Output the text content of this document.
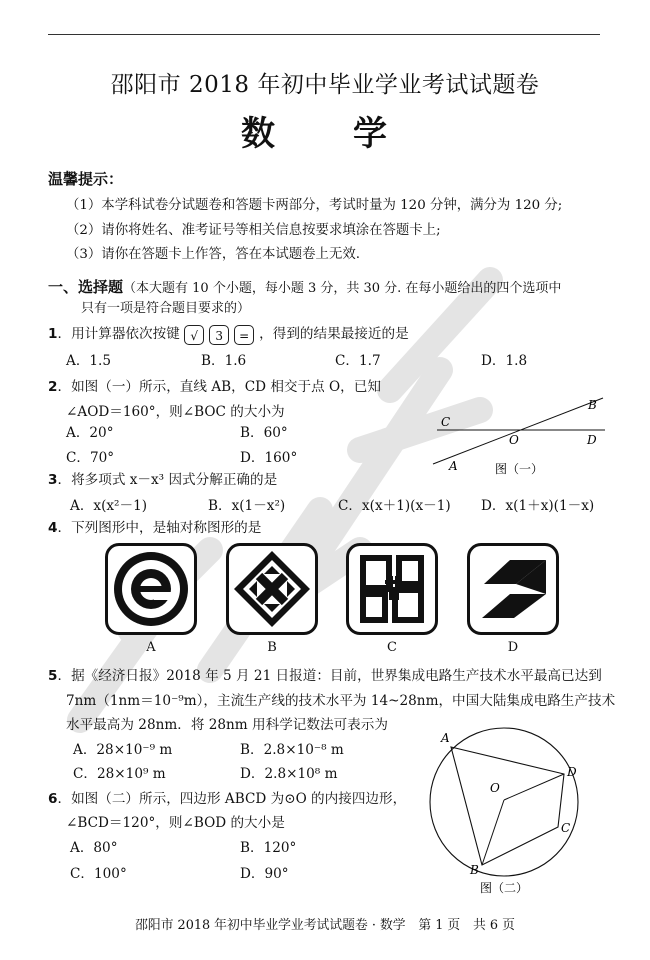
邵阳市 2018 年初中毕业学业考试试题卷
数　学
温馨提示：
（1）本学科试卷分试题卷和答题卡两部分，考试时量为 120 分钟，满分为 120 分;
（2）请你将姓名、准考证号等相关信息按要求填涂在答题卡上;
（3）请你在答题卡上作答，答在本试题卷上无效.
一、选择题（本大题有 10 个小题，每小题 3 分，共 30 分. 在每小题给出的四个选项中
只有一项是符合题目要求的）
1．用计算器依次按键 √ 3 = ，得到的结果最接近的是
A．1.5	B．1.6	C．1.7	D．1.8
2．如图（一）所示，直线 AB，CD 相交于点 O，已知
∠AOD＝160°，则∠BOC 的大小为
A．20°	B．60°
C．70°	D．160°
C
B
O	D
A	图（一）
3．将多项式 x－x³ 因式分解正确的是
A．x(x²－1)	B．x(1－x²)	C．x(x＋1)(x－1) D．x(1＋x)(1－x)
4．下列图形中，是轴对称图形的是
A	B	C	D
5．据《经济日报》2018 年 5 月 21 日报道：目前，世界集成电路生产技术水平最高已达到
7nm（1nm＝10⁻⁹m），主流生产线的技术水平为 14~28nm，中国大陆集成电路生产技术
水平最高为 28nm．将 28nm 用科学记数法可表示为
A．28×10⁻⁹ m	B．2.8×10⁻⁸ m
C．28×10⁹ m	D．2.8×10⁸ m
6．如图（二）所示，四边形 ABCD 为⊙O 的内接四边形，
∠BCD＝120°，则∠BOD 的大小是
A．80°	B．120°
C．100°	D．90°
A
D
O
C
B
图（二）
邵阳市 2018 年初中毕业学业考试试题卷 · 数学　第 1 页　共 6 页
